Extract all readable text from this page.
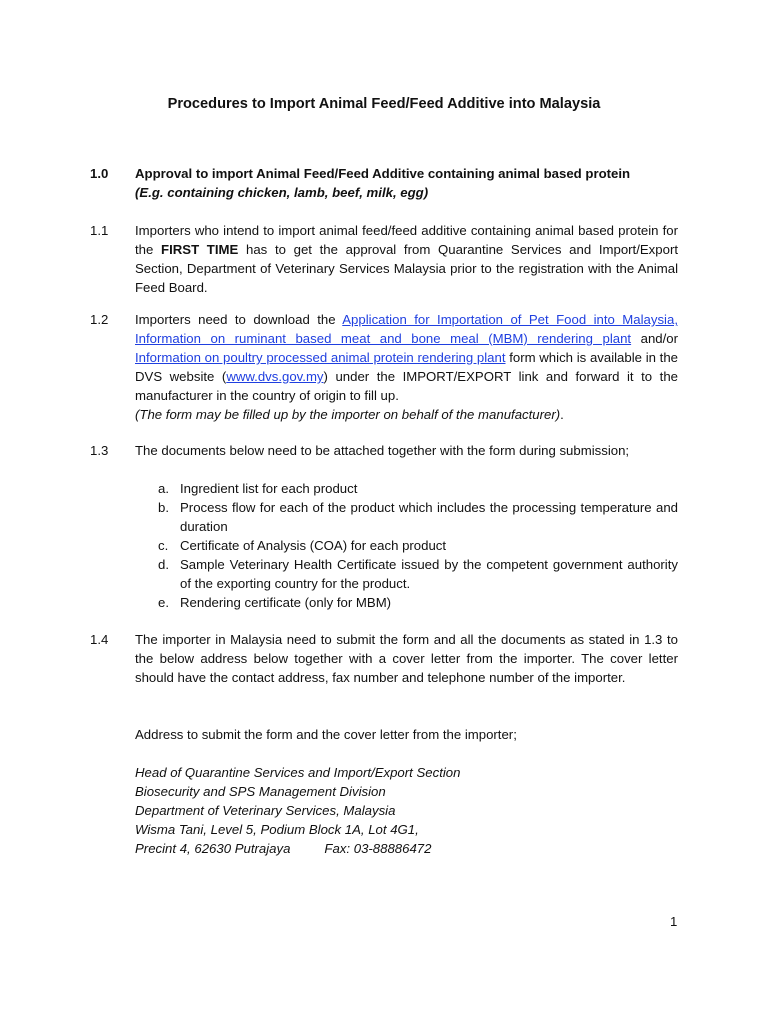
Procedures to Import Animal Feed/Feed Additive into Malaysia
1.0	Approval to import Animal Feed/Feed Additive containing animal based protein
(E.g. containing chicken, lamb, beef, milk, egg)
1.1	Importers who intend to import animal feed/feed additive containing animal based protein for the FIRST TIME has to get the approval from Quarantine Services and Import/Export Section, Department of Veterinary Services Malaysia prior to the registration with the Animal Feed Board.
1.2	Importers need to download the Application for Importation of Pet Food into Malaysia, Information on ruminant based meat and bone meal (MBM) rendering plant and/or Information on poultry processed animal protein rendering plant form which is available in the DVS website (www.dvs.gov.my) under the IMPORT/EXPORT link and forward it to the manufacturer in the country of origin to fill up.
(The form may be filled up by the importer on behalf of the manufacturer).
1.3	The documents below need to be attached together with the form during submission;
a. Ingredient list for each product
b. Process flow for each of the product which includes the processing temperature and duration
c. Certificate of Analysis (COA) for each product
d. Sample Veterinary Health Certificate issued by the competent government authority of the exporting country for the product.
e. Rendering certificate (only for MBM)
1.4	The importer in Malaysia need to submit the form and all the documents as stated in 1.3 to the below address below together with a cover letter from the importer. The cover letter should have the contact address, fax number and telephone number of the importer.
Address to submit the form and the cover letter from the importer;
Head of Quarantine Services and Import/Export Section
Biosecurity and SPS Management Division
Department of Veterinary Services, Malaysia
Wisma Tani, Level 5, Podium Block 1A, Lot 4G1,
Precint 4, 62630 Putrajaya	Fax: 03-88886472
1
